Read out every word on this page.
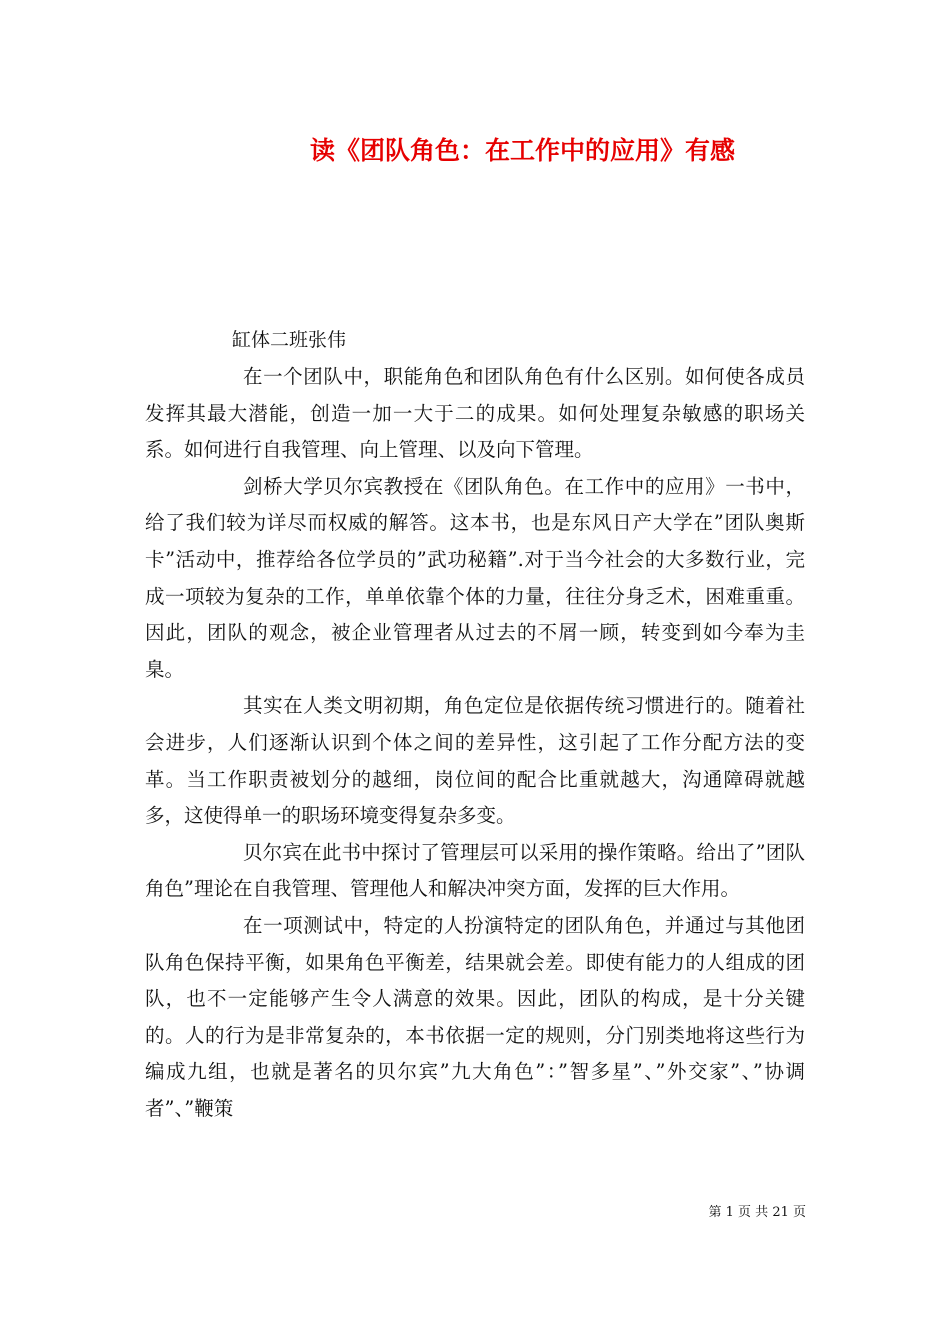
读《团队角色：在工作中的应用》有感
缸体二班张伟

在一个团队中，职能角色和团队角色有什么区别。如何使各成员发挥其最大潜能，创造一加一大于二的成果。如何处理复杂敏感的职场关系。如何进行自我管理、向上管理、以及向下管理。

剑桥大学贝尔宾教授在《团队角色。在工作中的应用》一书中，给了我们较为详尽而权威的解答。这本书，也是东风日产大学在”团队奥斯卡”活动中，推荐给各位学员的”武功秘籍”.对于当今社会的大多数行业，完成一项较为复杂的工作，单单依靠个体的力量，往往分身乏术，困难重重。因此，团队的观念，被企业管理者从过去的不屑一顾，转变到如今奉为圭臬。

其实在人类文明初期，角色定位是依据传统习惯进行的。随着社会进步，人们逐渐认识到个体之间的差异性，这引起了工作分配方法的变革。当工作职责被划分的越细，岗位间的配合比重就越大，沟通障碍就越多，这使得单一的职场环境变得复杂多变。

贝尔宾在此书中探讨了管理层可以采用的操作策略。给出了”团队角色”理论在自我管理、管理他人和解决冲突方面，发挥的巨大作用。

在一项测试中，特定的人扮演特定的团队角色，并通过与其他团队角色保持平衡，如果角色平衡差，结果就会差。即使有能力的人组成的团队，也不一定能够产生令人满意的效果。因此，团队的构成，是十分关键的。人的行为是非常复杂的，本书依据一定的规则，分门别类地将这些行为编成九组，也就是著名的贝尔宾”九大角色”：”智多星”、”外交家”、”协调者”、”鞭策

第 1 页 共 21 页
